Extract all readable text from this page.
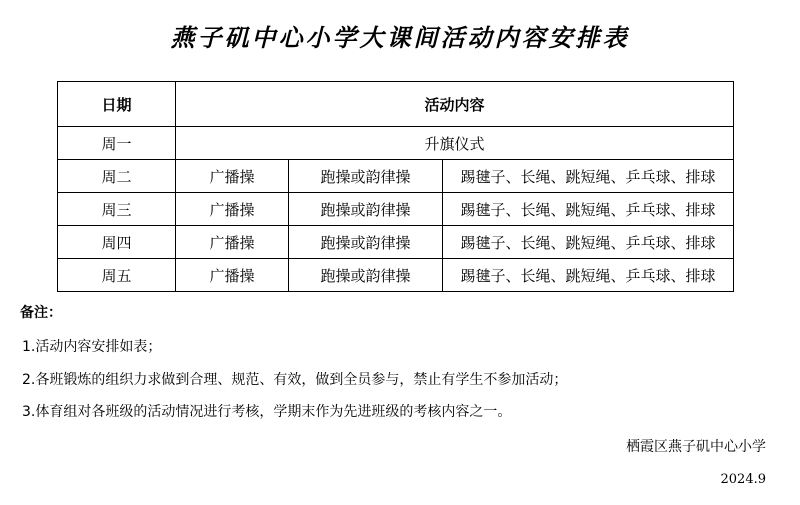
燕子矶中心小学大课间活动内容安排表
日期	活动内容		
周一	升旗仪式		
周二	广播操	跑操或韵律操	踢毽子、长绳、跳短绳、乒乓球、排球
周三	广播操	跑操或韵律操	踢毽子、长绳、跳短绳、乒乓球、排球
周四	广播操	跑操或韵律操	踢毽子、长绳、跳短绳、乒乓球、排球
周五	广播操	跑操或韵律操	踢毽子、长绳、跳短绳、乒乓球、排球
备注：
1.活动内容安排如表；
2.各班锻炼的组织力求做到合理、规范、有效，做到全员参与，禁止有学生不参加活动；
3.体育组对各班级的活动情况进行考核，学期末作为先进班级的考核内容之一。
栖霞区燕子矶中心小学
2024.9
